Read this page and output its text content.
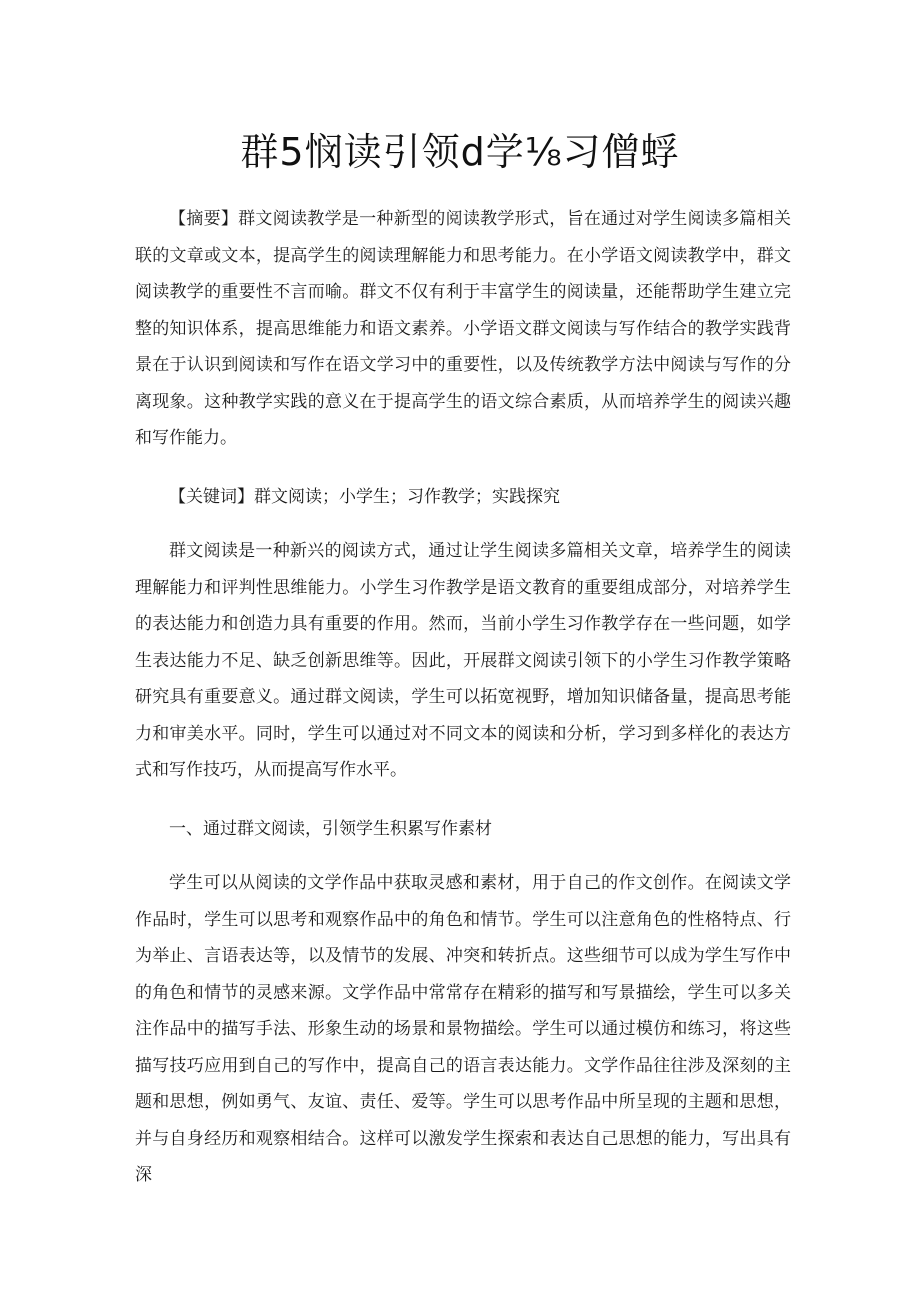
群5悯读引领d学⅛习僧蜉

【摘要】群文阅读教学是一种新型的阅读教学形式，旨在通过对学生阅读多篇相关联的文章或文本，提高学生的阅读理解能力和思考能力。在小学语文阅读教学中，群文阅读教学的重要性不言而喻。群文不仅有利于丰富学生的阅读量，还能帮助学生建立完整的知识体系，提高思维能力和语文素养。小学语文群文阅读与写作结合的教学实践背景在于认识到阅读和写作在语文学习中的重要性，以及传统教学方法中阅读与写作的分离现象。这种教学实践的意义在于提高学生的语文综合素质，从而培养学生的阅读兴趣和写作能力。

【关键词】群文阅读；小学生；习作教学；实践探究

群文阅读是一种新兴的阅读方式，通过让学生阅读多篇相关文章，培养学生的阅读理解能力和评判性思维能力。小学生习作教学是语文教育的重要组成部分，对培养学生的表达能力和创造力具有重要的作用。然而，当前小学生习作教学存在一些问题，如学生表达能力不足、缺乏创新思维等。因此，开展群文阅读引领下的小学生习作教学策略研究具有重要意义。通过群文阅读，学生可以拓宽视野，增加知识储备量，提高思考能力和审美水平。同时，学生可以通过对不同文本的阅读和分析，学习到多样化的表达方式和写作技巧，从而提高写作水平。

一、通过群文阅读，引领学生积累写作素材

学生可以从阅读的文学作品中获取灵感和素材，用于自己的作文创作。在阅读文学作品时，学生可以思考和观察作品中的角色和情节。学生可以注意角色的性格特点、行为举止、言语表达等，以及情节的发展、冲突和转折点。这些细节可以成为学生写作中的角色和情节的灵感来源。文学作品中常常存在精彩的描写和写景描绘，学生可以多关注作品中的描写手法、形象生动的场景和景物描绘。学生可以通过模仿和练习，将这些描写技巧应用到自己的写作中，提高自己的语言表达能力。文学作品往往涉及深刻的主题和思想，例如勇气、友谊、责任、爱等。学生可以思考作品中所呈现的主题和思想，并与自身经历和观察相结合。这样可以激发学生探索和表达自己思想的能力，写出具有深
